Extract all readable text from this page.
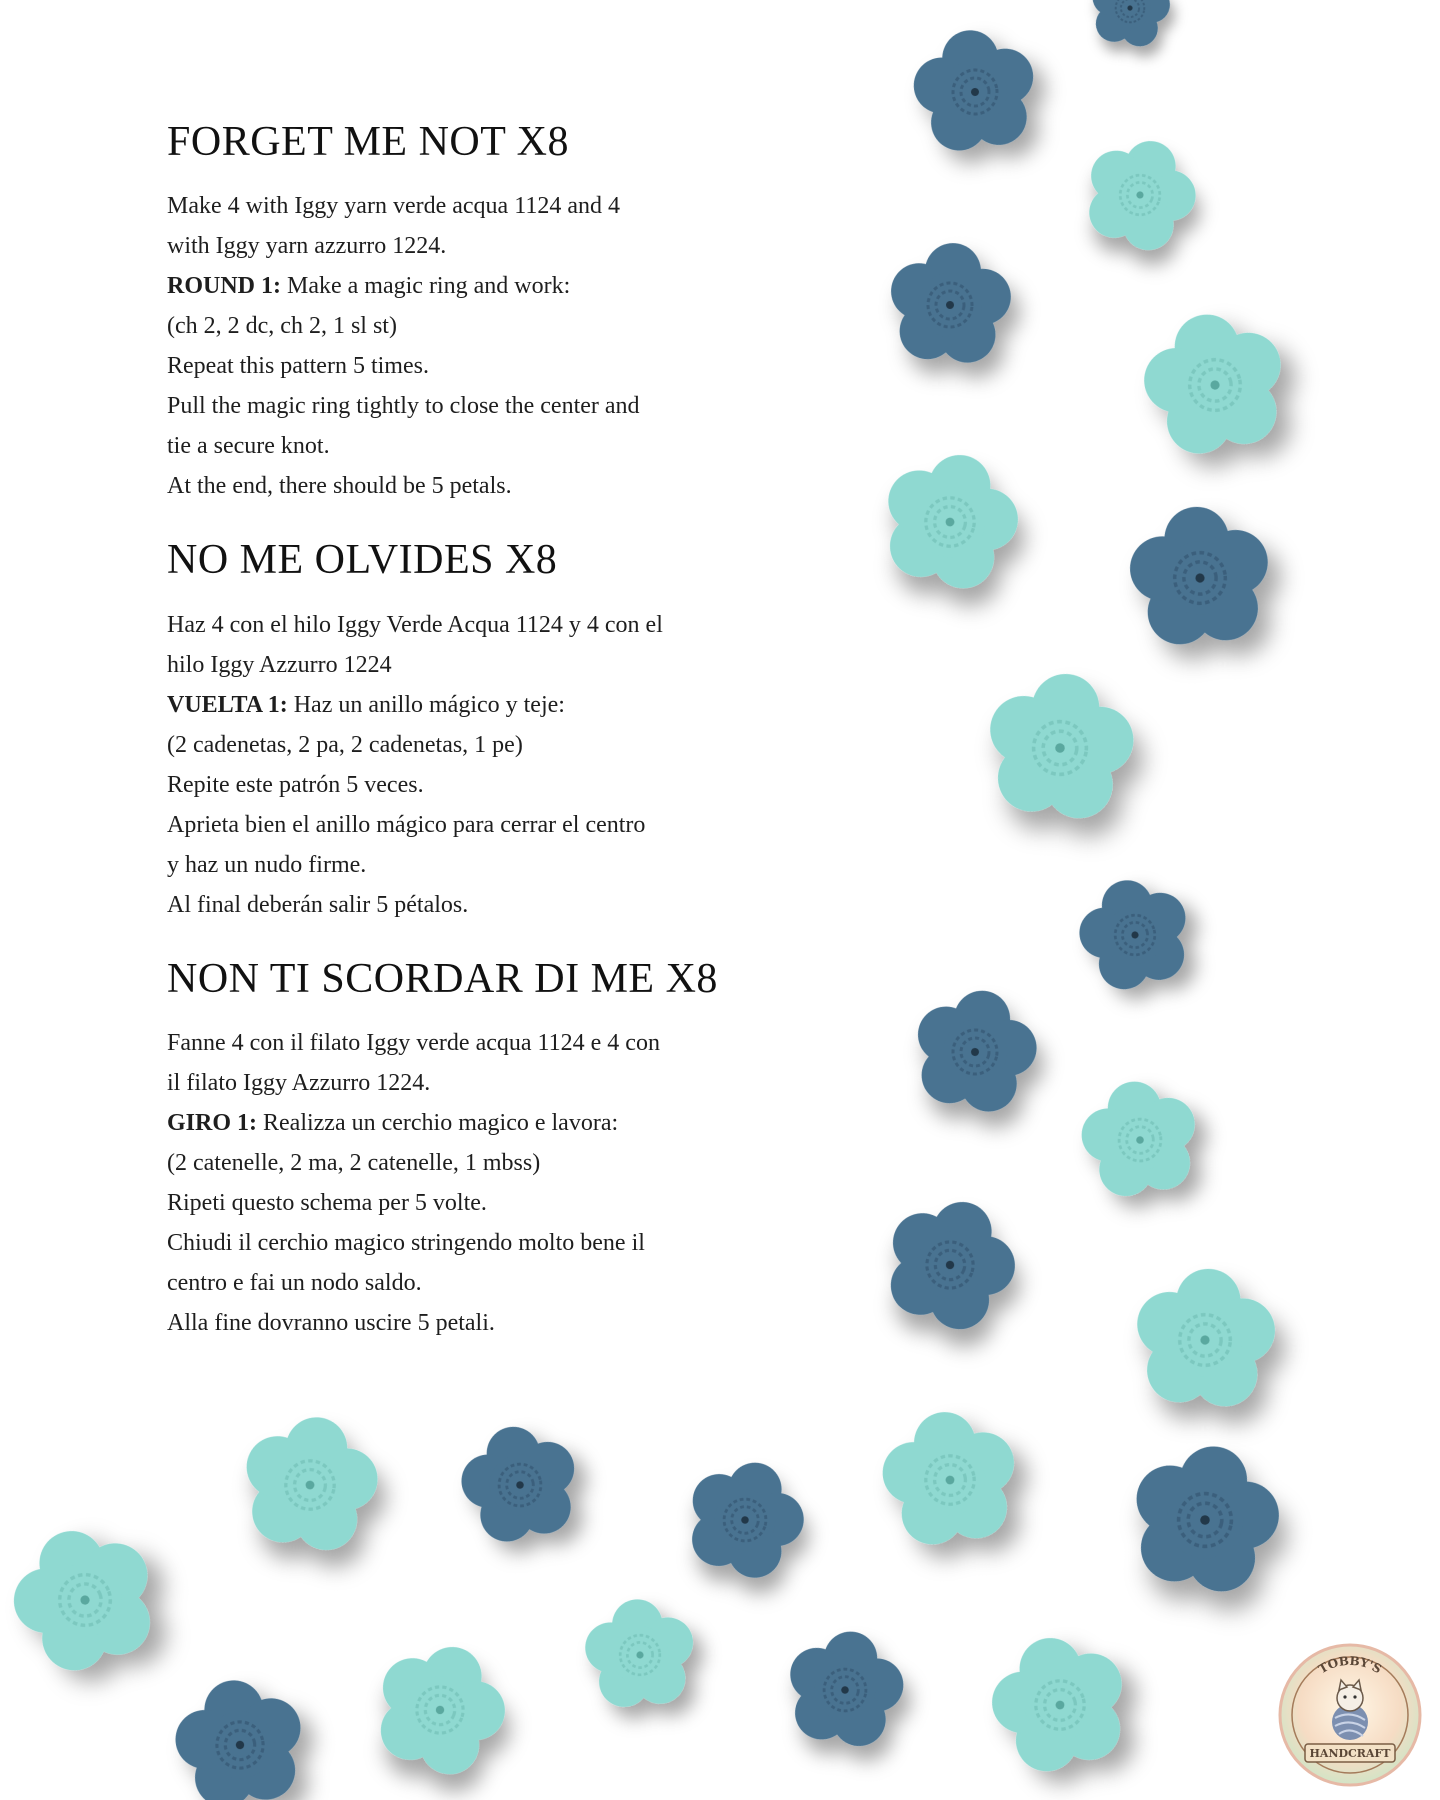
FORGET ME NOT X8

Make 4 with Iggy yarn verde acqua 1124 and 4

with Iggy yarn azzurro 1224.

ROUND 1: Make a magic ring and work:

(ch 2, 2 dc, ch 2, 1 sl st)

Repeat this pattern 5 times.

Pull the magic ring tightly to close the center and

tie a secure knot.

At the end, there should be 5 petals.

NO ME OLVIDES X8

Haz 4 con el hilo Iggy Verde Acqua 1124 y 4 con el

hilo Iggy Azzurro 1224

VUELTA 1: Haz un anillo mágico y teje:

(2 cadenetas, 2 pa, 2 cadenetas, 1 pe)

Repite este patrón 5 veces.

Aprieta bien el anillo mágico para cerrar el centro

y haz un nudo firme.

Al final deberán salir 5 pétalos.

NON TI SCORDAR DI ME X8

Fanne 4 con il filato Iggy verde acqua 1124 e 4 con

il filato Iggy Azzurro 1224.

GIRO 1: Realizza un cerchio magico e lavora:

(2 catenelle, 2 ma, 2 catenelle, 1 mbss)

Ripeti questo schema per 5 volte.

Chiudi il cerchio magico stringendo molto bene il

centro e fai un nodo saldo.

Alla fine dovranno uscire 5 petali.

TOBBY'S
HANDCRAFT
